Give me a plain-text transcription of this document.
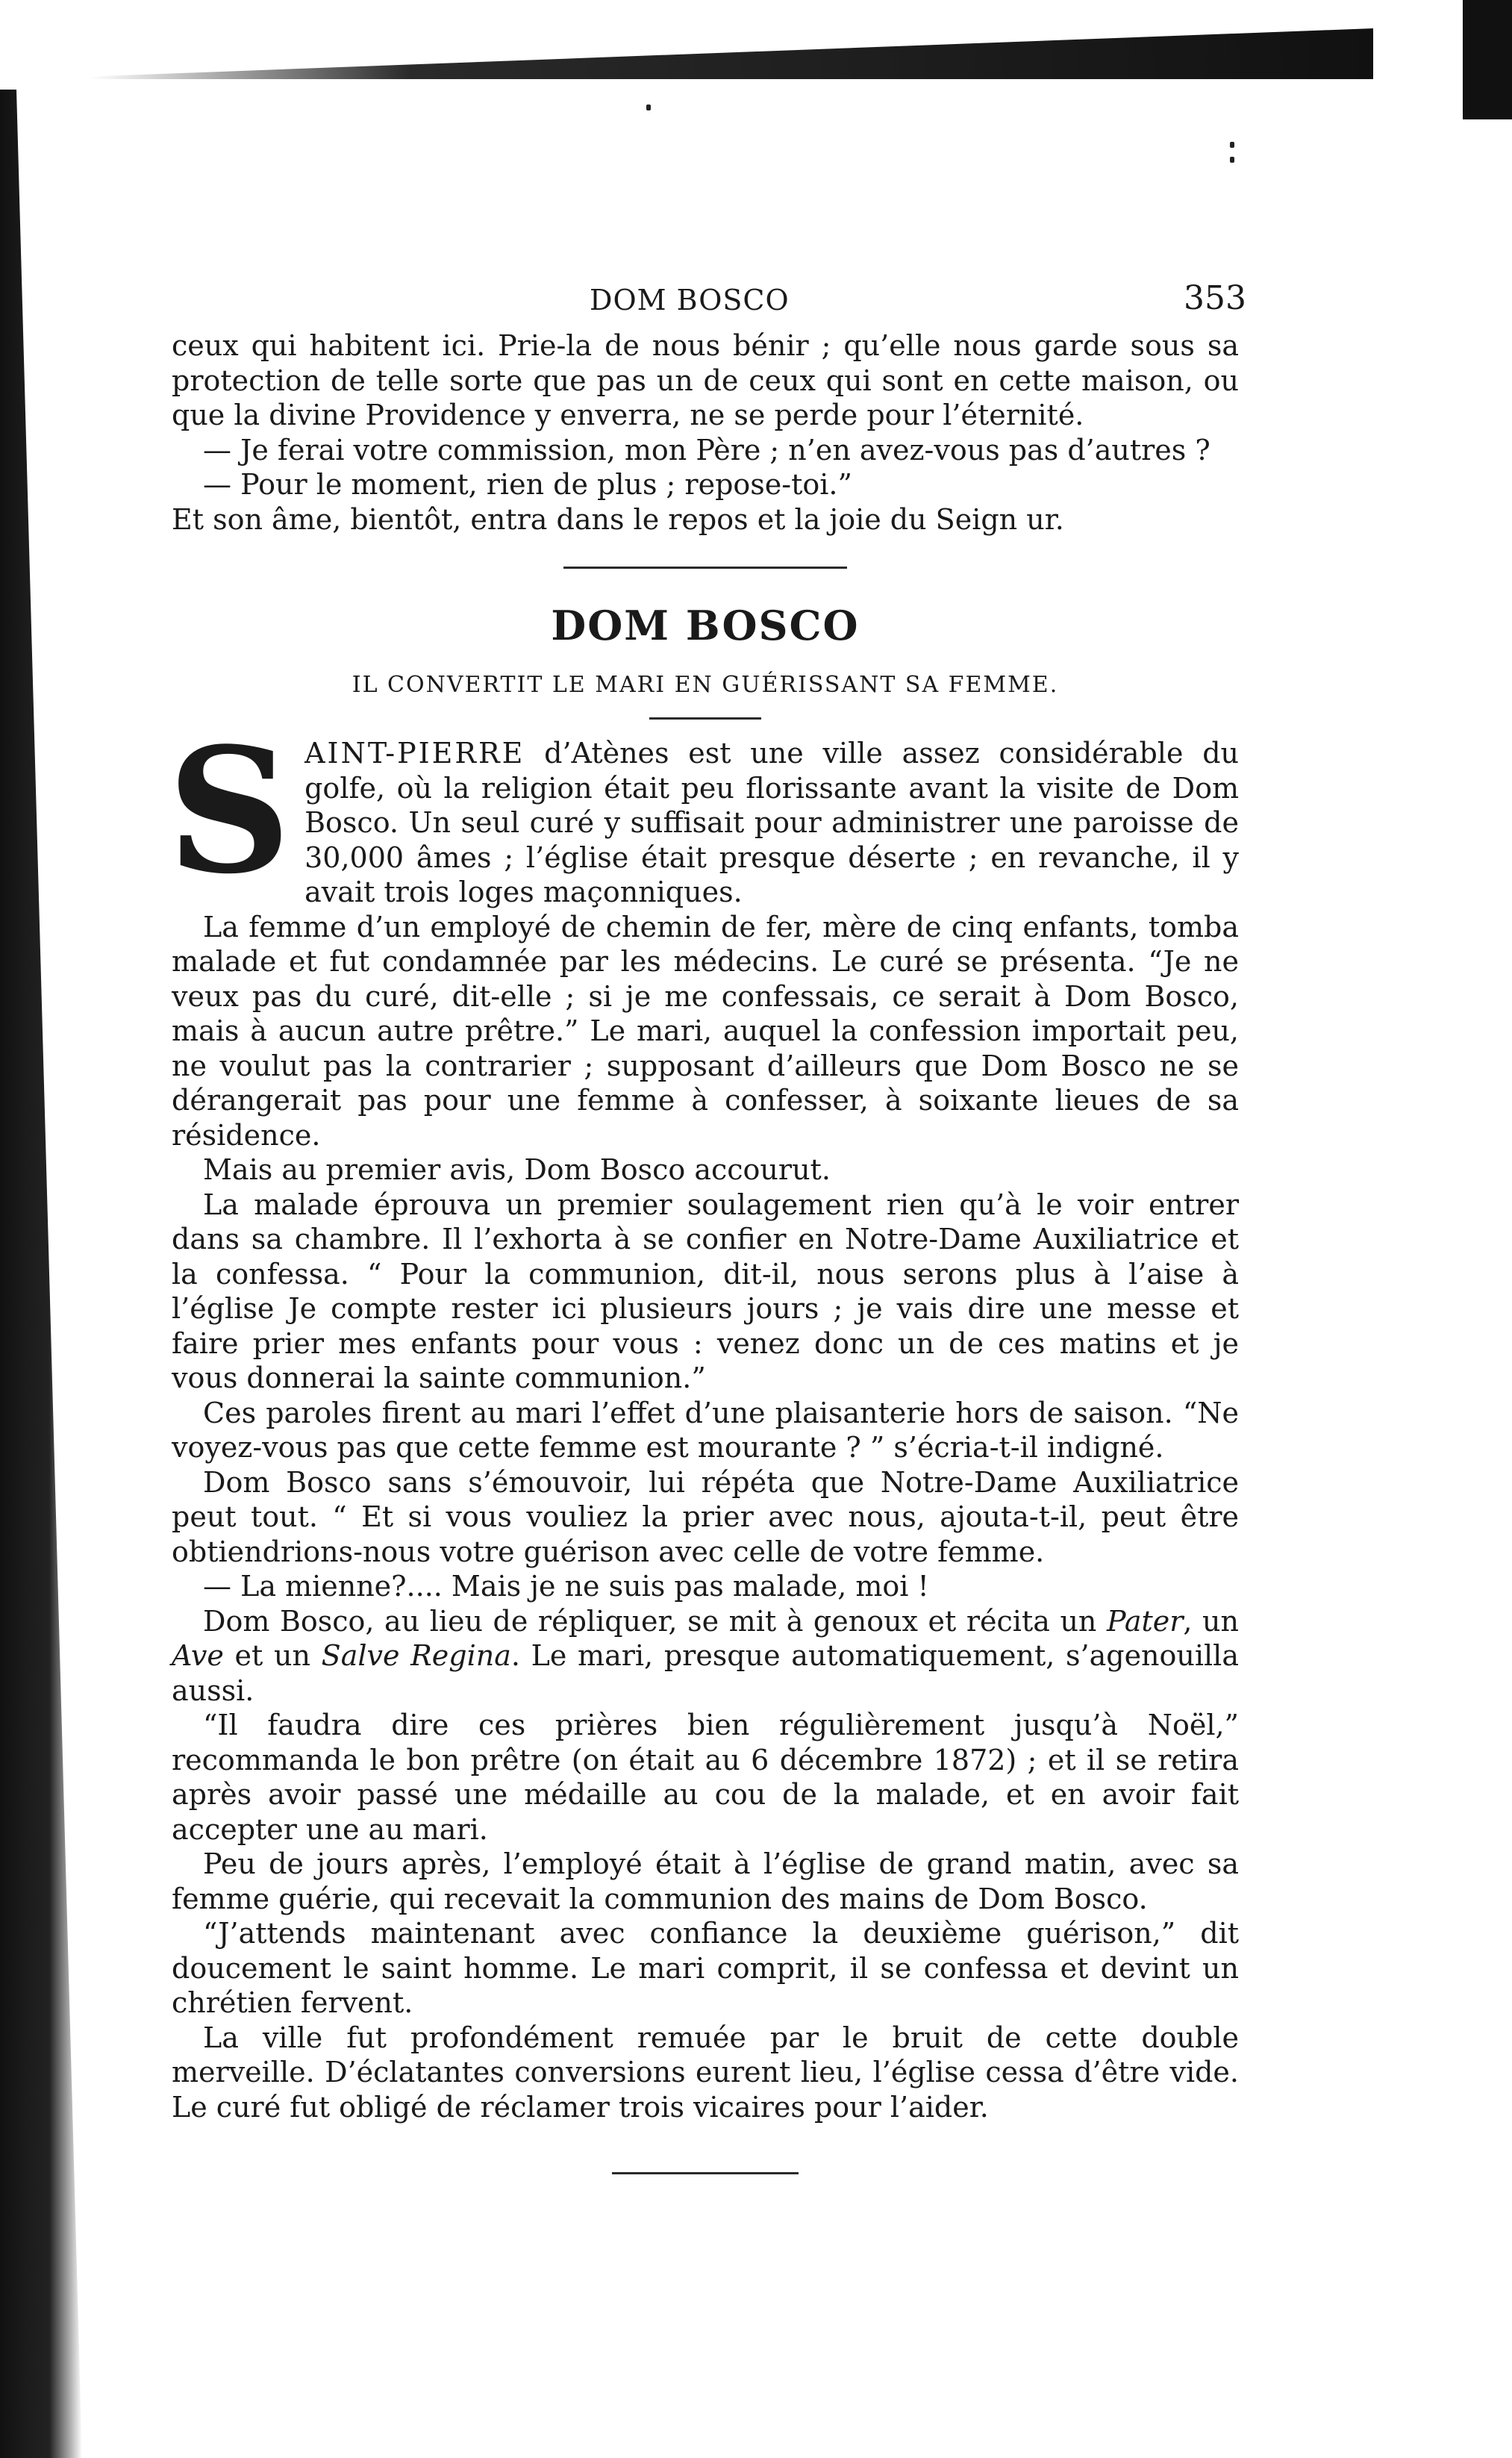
DOM BOSCO	353

ceux qui habitent ici. Prie-la de nous bénir ; qu’elle nous garde sous sa protection de telle sorte que pas un de ceux qui sont en cette maison, ou que la divine Providence y enverra, ne se perde pour l’éternité.

— Je ferai votre commission, mon Père ; n’en avez-vous pas d’autres ?

— Pour le moment, rien de plus ; repose-toi.”

Et son âme, bientôt, entra dans le repos et la joie du Seign ur.

DOM BOSCO
IL CONVERTIT LE MARI EN GUÉRISSANT SA FEMME.
S AINT-PIERRE d’Atènes est une ville assez considérable du golfe, où la religion était peu florissante avant la visite de Dom Bosco. Un seul curé y suffisait pour administrer une paroisse de 30,000 âmes ; l’église était presque déserte ; en revanche, il y avait trois loges maçonniques.

La femme d’un employé de chemin de fer, mère de cinq enfants, tomba malade et fut condamnée par les médecins. Le curé se présenta. “Je ne veux pas du curé, dit-elle ; si je me confessais, ce serait à Dom Bosco, mais à aucun autre prêtre.” Le mari, auquel la confession importait peu, ne voulut pas la contrarier ; supposant d’ailleurs que Dom Bosco ne se dérangerait pas pour une femme à confesser, à soixante lieues de sa résidence.

Mais au premier avis, Dom Bosco accourut.

La malade éprouva un premier soulagement rien qu’à le voir entrer dans sa chambre. Il l’exhorta à se confier en Notre-Dame Auxiliatrice et la confessa. “ Pour la communion, dit-il, nous serons plus à l’aise à l’église Je compte rester ici plusieurs jours ; je vais dire une messe et faire prier mes enfants pour vous : venez donc un de ces matins et je vous donnerai la sainte communion.”

Ces paroles firent au mari l’effet d’une plaisanterie hors de saison. “Ne voyez-vous pas que cette femme est mourante ? ” s’écria-t-il indigné.

Dom Bosco sans s’émouvoir, lui répéta que Notre-Dame Auxiliatrice peut tout. “ Et si vous vouliez la prier avec nous, ajouta-t-il, peut être obtiendrions-nous votre guérison avec celle de votre femme.

— La mienne?.... Mais je ne suis pas malade, moi !

Dom Bosco, au lieu de répliquer, se mit à genoux et récita un Pater, un Ave et un Salve Regina. Le mari, presque automatiquement, s’agenouilla aussi.

“Il faudra dire ces prières bien régulièrement jusqu’à Noël,” recommanda le bon prêtre (on était au 6 décembre 1872) ; et il se retira après avoir passé une médaille au cou de la malade, et en avoir fait accepter une au mari.

Peu de jours après, l’employé était à l’église de grand matin, avec sa femme guérie, qui recevait la communion des mains de Dom Bosco.

“J’attends maintenant avec confiance la deuxième guérison,” dit doucement le saint homme. Le mari comprit, il se confessa et devint un chrétien fervent.

La ville fut profondément remuée par le bruit de cette double merveille. D’éclatantes conversions eurent lieu, l’église cessa d’être vide. Le curé fut obligé de réclamer trois vicaires pour l’aider.
